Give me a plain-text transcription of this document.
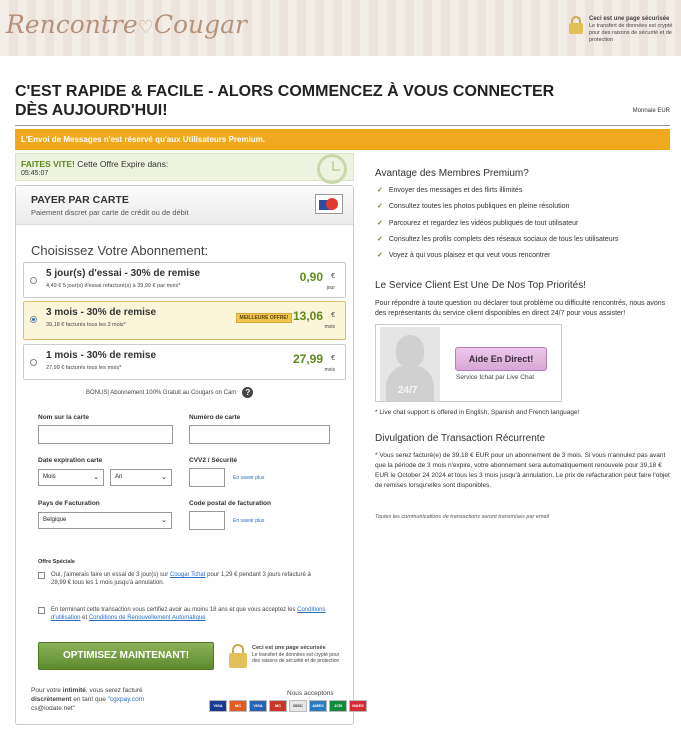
Rencontre♡Cougar	Ceci est une page sécurisée
Le transfert de données est crypté pour des raisons de sécurité et de protection
C'EST RAPIDE & FACILE - ALORS COMMENCEZ À VOUS CONNECTER DÈS AUJOURD'HUI!	Monnaie EUR
L'Envoi de Messages n'est réservé qu'aux Utilisateurs Premium.
FAITES VITE! Cette Offre Expire dans:
05:45:07
PAYER PAR CARTE
Paiement discret par carte de crédit ou de débit
Choisissez Votre Abonnement:
5 jour(s) d'essai - 30% de remise
4,49 € 5 jour(s) d'essai refacturé(s) à 39,99 € par mois*
0,90 €
jour
3 mois - 30% de remise
39,18 € facturés tous les 3 mois*
MEILLEURE OFFRE! 13,06 €
mois
1 mois - 30% de remise
27,99 € facturés tous les mois*
27,99 €
mois
BONUS| Abonnement 100% Gratuit au Cougars on Cam	?
Nom sur la carte	Numéro de carte
Date expiration carte
Mois	⌄	An	⌄
CVV2 / Sécurité
En savoir plus
Pays de Facturation
Belgique	⌄
Code postal de facturation
En savoir plus
Offre Spéciale
Oui, j'aimerais faire un essai de 3 jour(s) sur Cougar Tchat pour 1,29 € pendant 3 jours refacturé à 28,99 € tous les 1 mois jusqu'à annulation.
En terminant cette transaction vous certifiez avoir au moins 18 ans et que vous acceptez les Conditions d'utilisation et Conditions de Renouvellement Automatique
OPTIMISEZ MAINTENANT!
Ceci est une page sécurisée
Le transfert de données est crypté pour des raisons de sécurité et de protection
Pour votre intimité, vous serez facturé discrètement en tant que "cgxpay.com
cs@iodate.net"
Nous acceptons
VISA	MC	VISA	MC	DISC	AMEX	JCB	MAES
Avantage des Membres Premium?
✓ Envoyer des messages et des flirts illimités
✓ Consultez toutes les photos publiques en pleine résolution
✓ Parcourez et regardez les vidéos publiques de tout utilisateur
✓ Consultez les profils complets des réseaux sociaux de tous les utilisateurs
✓ Voyez à qui vous plaisez et qui veut vous rencontrer
Le Service Client Est Une De Nos Top Priorités!
Pour répondre à toute question ou déclarer tout problème ou difficulté rencontrés, nous avons des représentants du service client disponibles en direct 24/7 pour vous assister!
24/7
Aide En Direct!
Service tchat par Live Chat
* Live chat support is offered in English, Spanish and French language!
Divulgation de Transaction Récurrente
* Vous serez facturé(e) de 39,18 € EUR pour un abonnement de 3 mois. Si vous n'annulez pas avant que la période de 3 mois n'expire, votre abonnement sera automatiquement renouvelé pour 39,18 € EUR le October 24 2024 et tous les 3 mois jusqu'à annulation. Le prix de refacturation peut faire l'objet de remises lorsqu'elles sont disponibles.
Toutes les communications de transactions seront transmises par email
